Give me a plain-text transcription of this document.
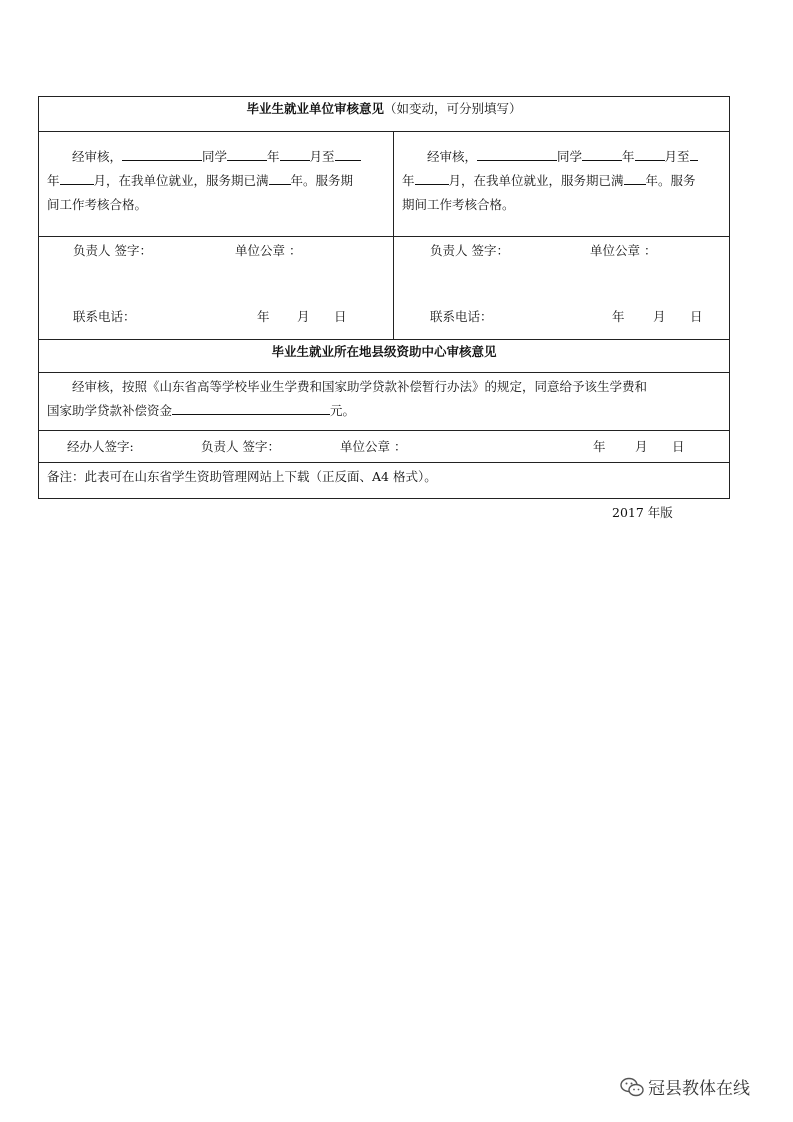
毕业生就业单位审核意见（如变动，可分别填写）

经审核，	同学	年 月至

年	月，在我单位就业，服务期已满 年。服务期
间工作考核合格。

经审核，	同学	年 月至

年	月，在我单位就业，服务期已满 年。服务
期间工作考核合格。
负责人 签字：	单位公章 ：
联系电话：	年 月 日
负责人 签字：	单位公章 ：
联系电话：	年 月 日
毕业生就业所在地县级资助中心审核意见

经审核，按照《山东省高等学校毕业生学费和国家助学贷款补偿暂行办法》的规定，同意给予该生学费和

国家助学贷款补偿资金	元。
经办人签字:	负责人 签字：	单位公章 ：	年 月 日
备注：此表可在山东省学生资助管理网站上下载（正反面、A4 格式）。
2017 年版
冠县教体在线
